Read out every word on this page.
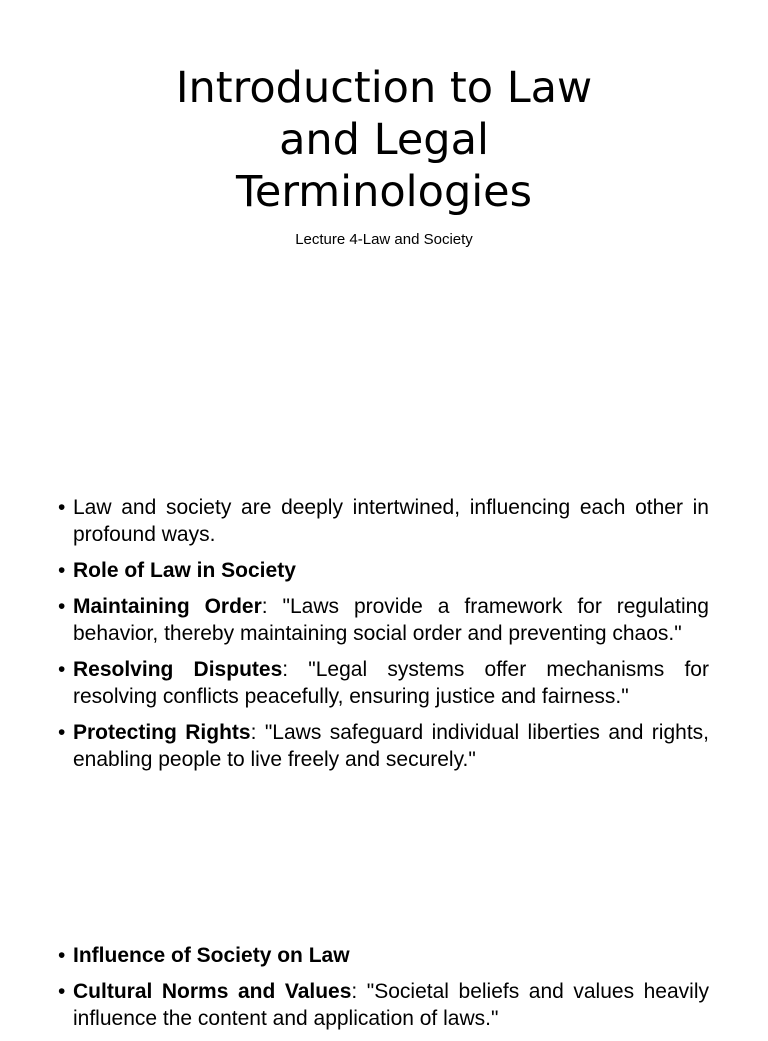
Introduction to Law
and Legal
Terminologies

Lecture 4-Law and Society

• Law and society are deeply intertwined, influencing each other in profound ways.
• Role of Law in Society
• Maintaining Order: "Laws provide a framework for regulating behavior, thereby maintaining social order and preventing chaos."
• Resolving Disputes: "Legal systems offer mechanisms for resolving conflicts peacefully, ensuring justice and fairness."
• Protecting Rights: "Laws safeguard individual liberties and rights, enabling people to live freely and securely."
• Influence of Society on Law
• Cultural Norms and Values: "Societal beliefs and values heavily influence the content and application of laws."
